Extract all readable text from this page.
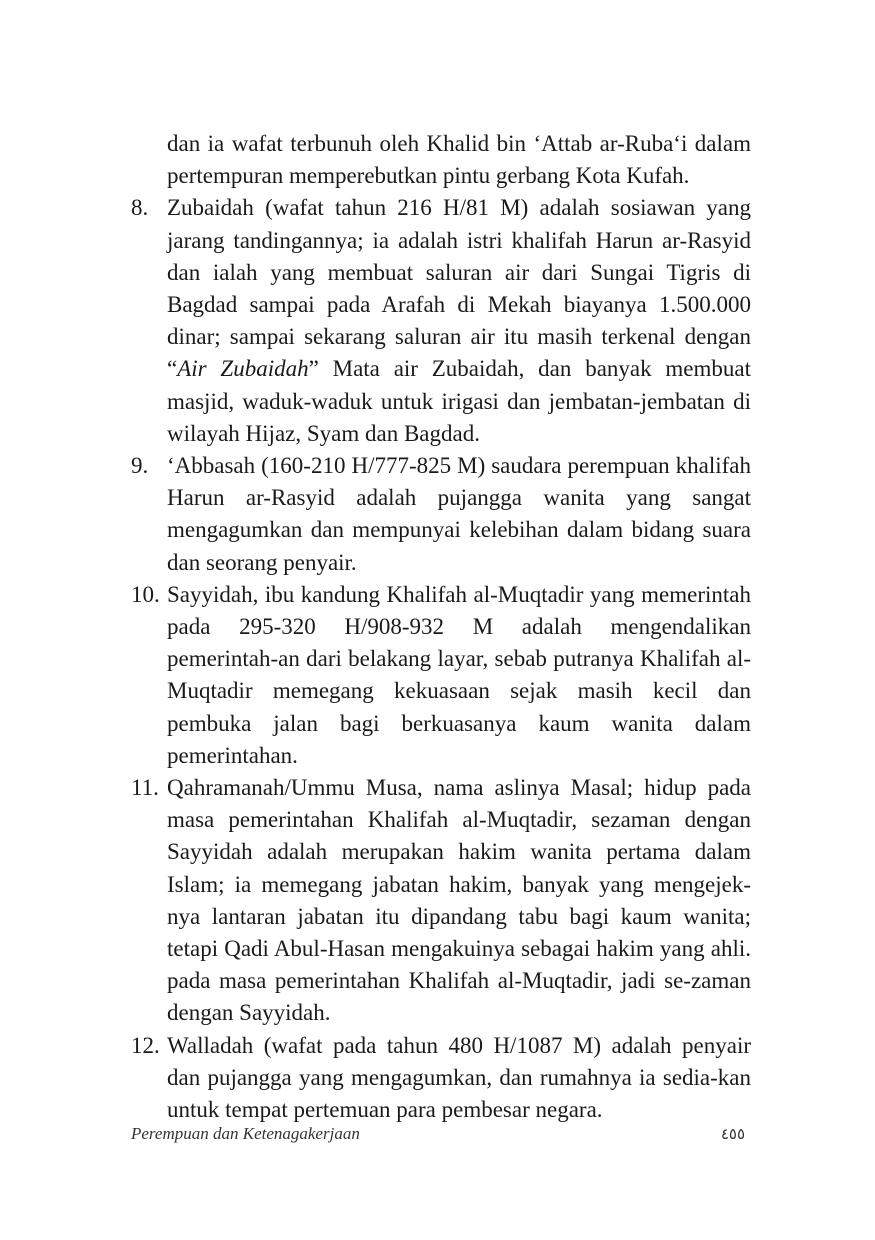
dan ia wafat terbunuh oleh Khalid bin ‘Attab ar-Ruba‘i dalam pertempuran memperebutkan pintu gerbang Kota Kufah.

8. Zubaidah (wafat tahun 216 H/81 M) adalah sosiawan yang jarang tandingannya; ia adalah istri khalifah Harun ar-Rasyid dan ialah yang membuat saluran air dari Sungai Tigris di Bagdad sampai pada Arafah di Mekah biayanya 1.500.000 dinar; sampai sekarang saluran air itu masih terkenal dengan “Air Zubaidah” Mata air Zubaidah, dan banyak membuat masjid, waduk-waduk untuk irigasi dan jembatan-jembatan di wilayah Hijaz, Syam dan Bagdad.
9. ‘Abbasah (160-210 H/777-825 M) saudara perempuan khalifah Harun ar-Rasyid adalah pujangga wanita yang sangat mengagumkan dan mempunyai kelebihan dalam bidang suara dan seorang penyair.
10. Sayyidah, ibu kandung Khalifah al-Muqtadir yang memerintah pada 295-320 H/908-932 M adalah mengendalikan pemerintah-an dari belakang layar, sebab putranya Khalifah al-Muqtadir memegang kekuasaan sejak masih kecil dan pembuka jalan bagi berkuasanya kaum wanita dalam pemerintahan.
11. Qahramanah/Ummu Musa, nama aslinya Masal; hidup pada masa pemerintahan Khalifah al-Muqtadir, sezaman dengan Sayyidah adalah merupakan hakim wanita pertama dalam Islam; ia memegang jabatan hakim, banyak yang mengejek-nya lantaran jabatan itu dipandang tabu bagi kaum wanita; tetapi Qadi Abul-Hasan mengakuinya sebagai hakim yang ahli. pada masa pemerintahan Khalifah al-Muqtadir, jadi se-zaman dengan Sayyidah.
12. Walladah (wafat pada tahun 480 H/1087 M) adalah penyair dan pujangga yang mengagumkan, dan rumahnya ia sedia-kan untuk tempat pertemuan para pembesar negara.
Perempuan dan Ketenagakerjaan	٤٥٥
